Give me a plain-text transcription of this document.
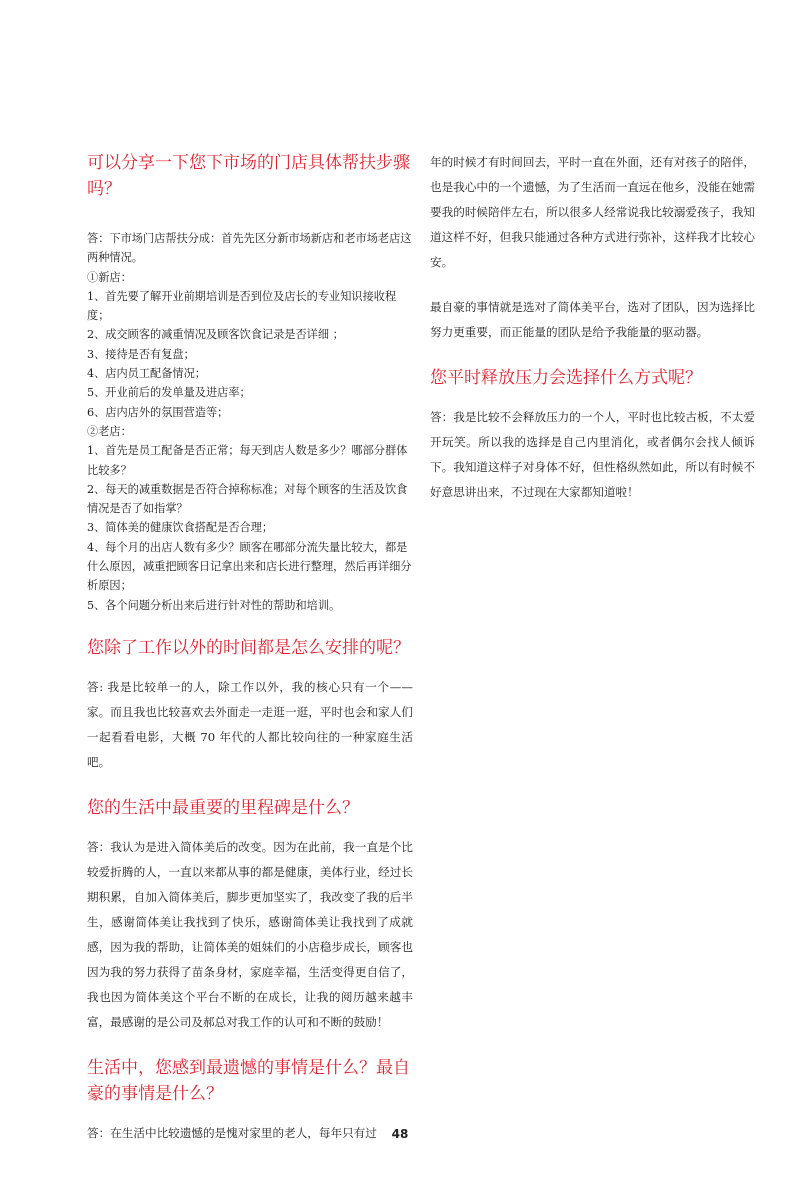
可以分享一下您下市场的门店具体帮扶步骤吗？

答：下市场门店帮扶分成：首先先区分新市场新店和老市场老店这两种情况。

①新店：

1、首先要了解开业前期培训是否到位及店长的专业知识接收程度；

2、成交顾客的减重情况及顾客饮食记录是否详细 ；

3、接待是否有复盘；

4、店内员工配备情况；

5、开业前后的发单量及进店率；

6、店内店外的氛围营造等；

②老店：

1、首先是员工配备是否正常；每天到店人数是多少？哪部分群体比较多？

2、每天的减重数据是否符合掉称标准；对每个顾客的生活及饮食情况是否了如指掌？

3、简体美的健康饮食搭配是否合理；

4、每个月的出店人数有多少？顾客在哪部分流失量比较大，都是什么原因，减重把顾客日记拿出来和店长进行整理，然后再详细分析原因；

5、各个问题分析出来后进行针对性的帮助和培训。

您除了工作以外的时间都是怎么安排的呢？

答: 我是比较单一的人，除工作以外，我的核心只有一个——家。而且我也比较喜欢去外面走一走逛一逛，平时也会和家人们一起看看电影，大概 70 年代的人都比较向往的一种家庭生活吧。

您的生活中最重要的里程碑是什么？

答：我认为是进入简体美后的改变。因为在此前，我一直是个比较爱折腾的人，一直以来都从事的都是健康，美体行业，经过长期积累，自加入简体美后，脚步更加坚实了，我改变了我的后半生，感谢简体美让我找到了快乐，感谢简体美让我找到了成就感，因为我的帮助，让简体美的姐妹们的小店稳步成长，顾客也因为我的努力获得了苗条身材，家庭幸福，生活变得更自信了，我也因为简体美这个平台不断的在成长，让我的阅历越来越丰富，最感谢的是公司及郝总对我工作的认可和不断的鼓励！

生活中，您感到最遗憾的事情是什么？最自豪的事情是什么？

答：在生活中比较遗憾的是愧对家里的老人，每年只有过

年的时候才有时间回去，平时一直在外面，还有对孩子的陪伴，也是我心中的一个遗憾，为了生活而一直远在他乡，没能在她需要我的时候陪伴左右，所以很多人经常说我比较溺爱孩子，我知道这样不好，但我只能通过各种方式进行弥补，这样我才比较心安。

最自豪的事情就是选对了简体美平台，选对了团队，因为选择比努力更重要，而正能量的团队是给予我能量的驱动器。

您平时释放压力会选择什么方式呢？

答：我是比较不会释放压力的一个人，平时也比较古板，不太爱开玩笑。所以我的选择是自己内里消化，或者偶尔会找人倾诉下。我知道这样子对身体不好，但性格纵然如此，所以有时候不好意思讲出来，不过现在大家都知道啦！

48
